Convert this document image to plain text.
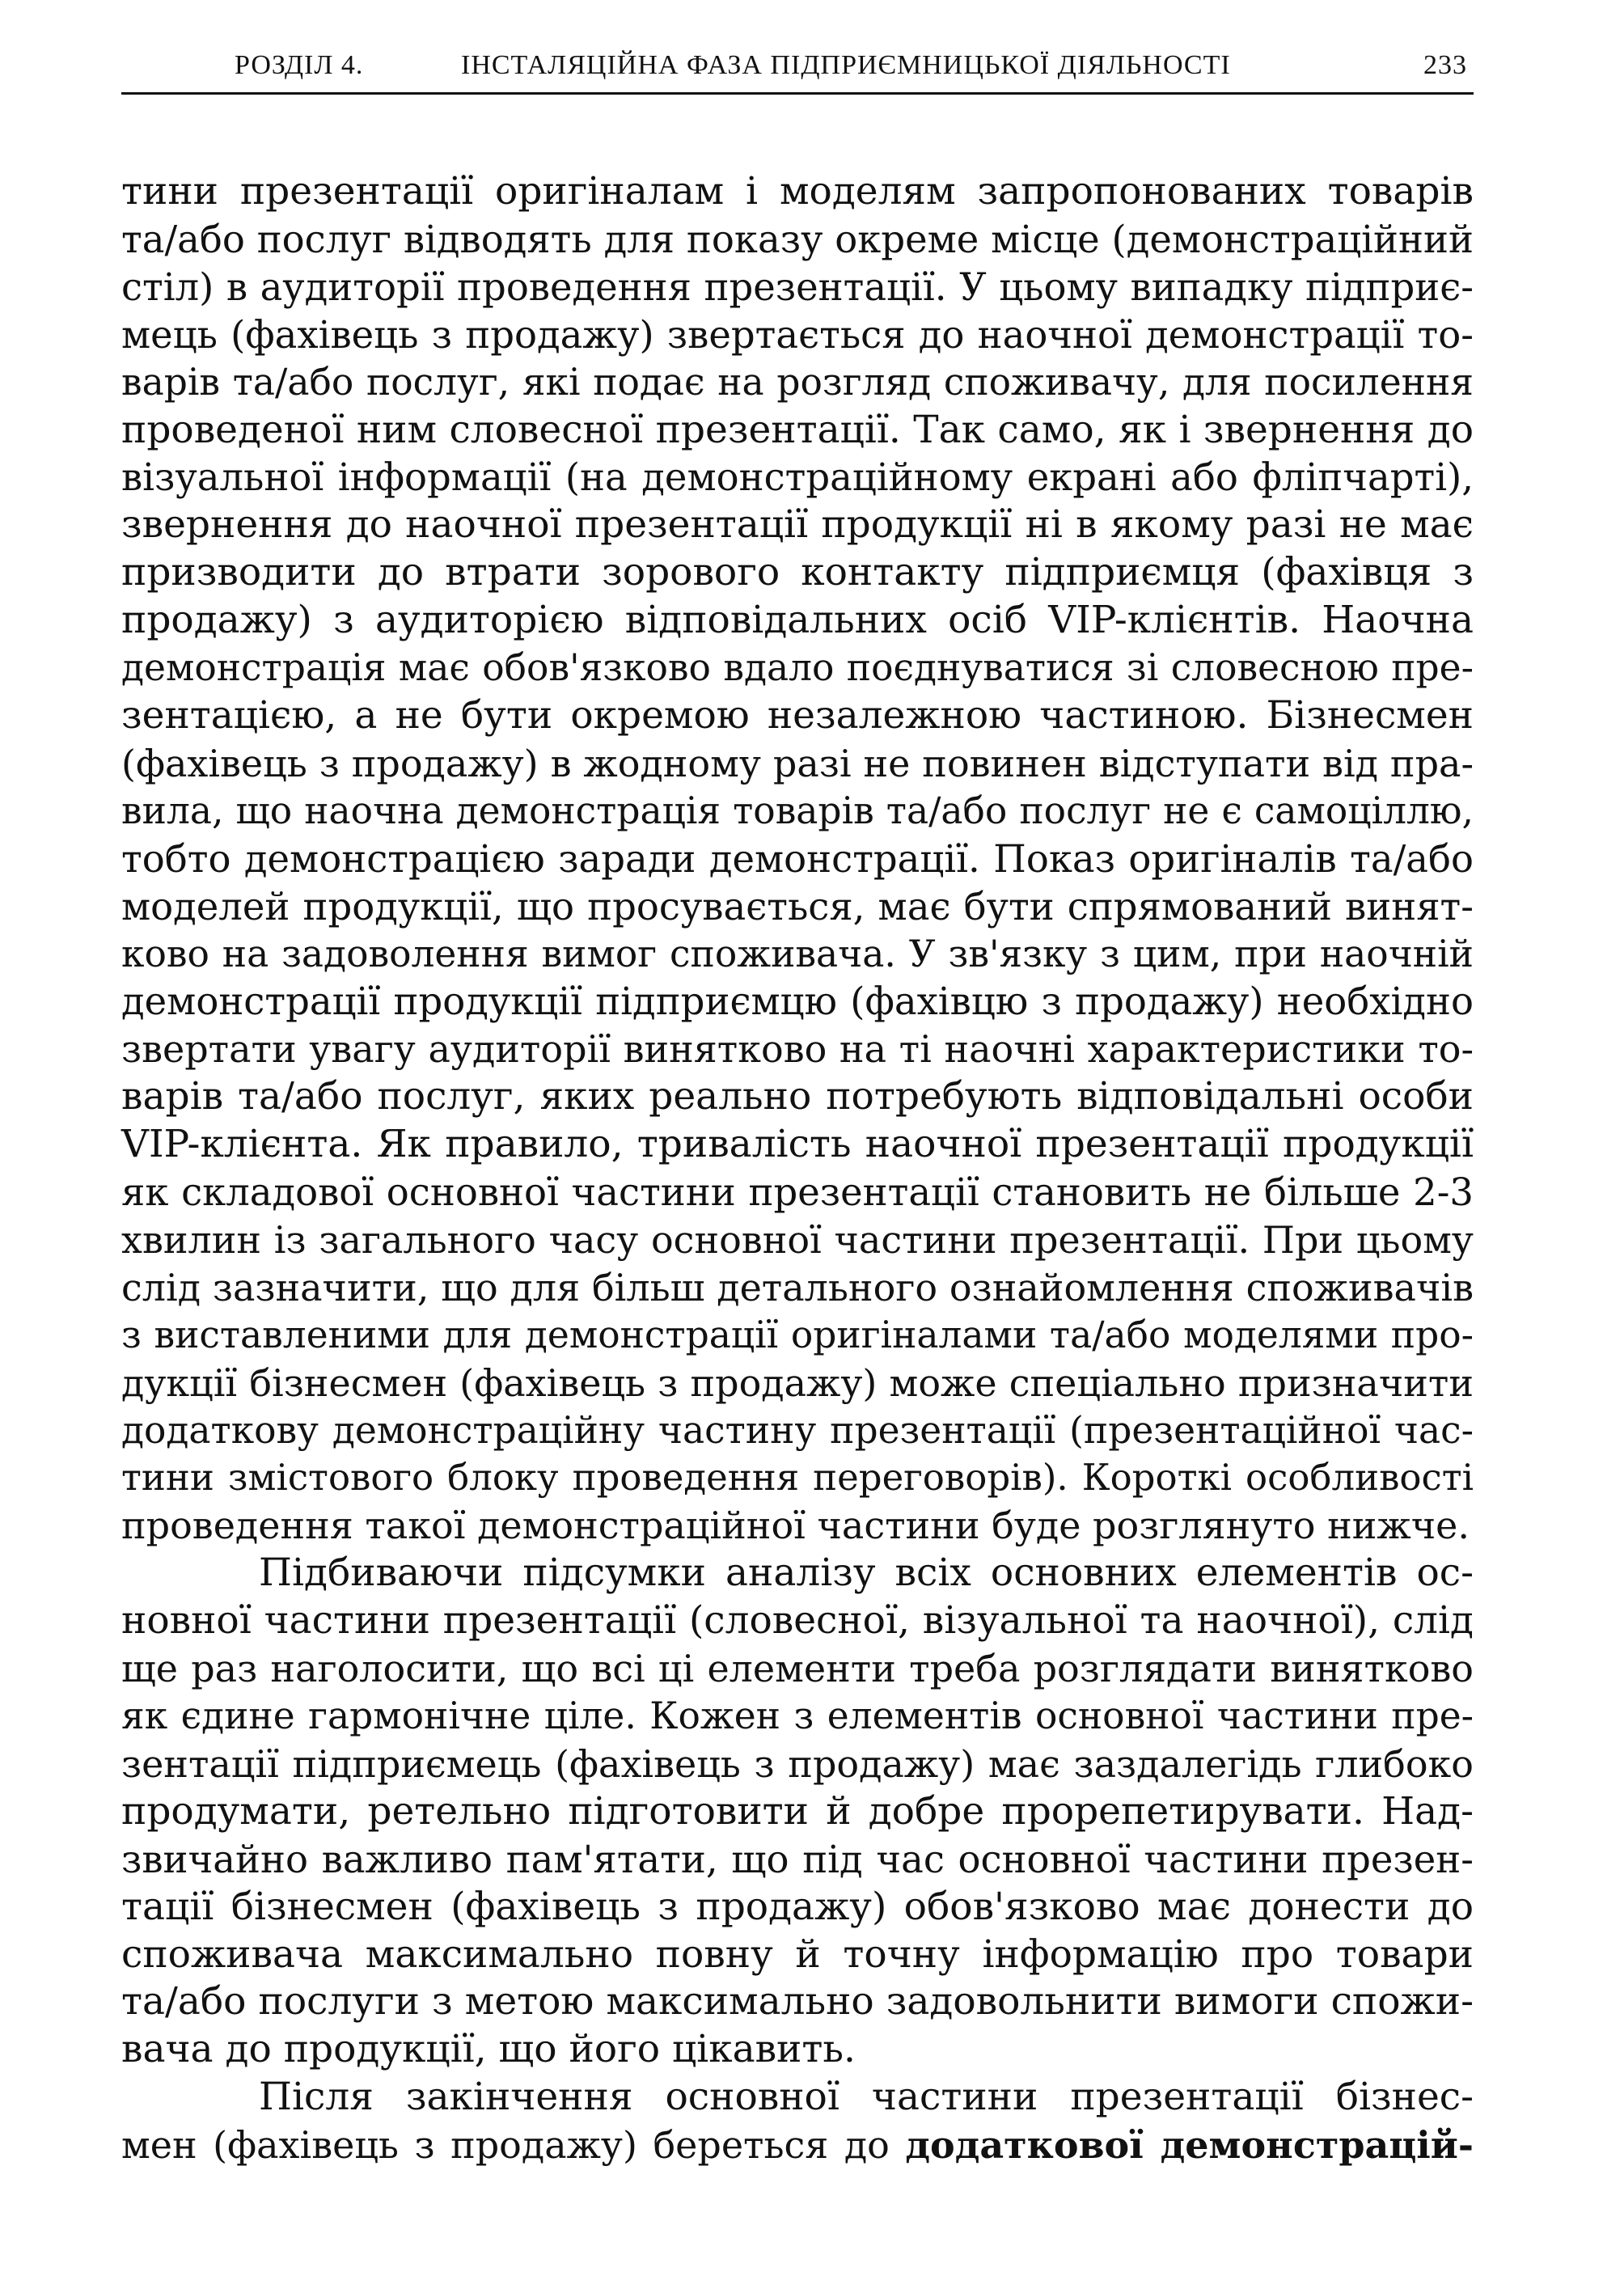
РОЗДІЛ 4.	ІНСТАЛЯЦІЙНА ФАЗА ПІДПРИЄМНИЦЬКОЇ ДІЯЛЬНОСТІ	233

тини презентації оригіналам і моделям запропонованих товарів

та/або послуг відводять для показу окреме місце (демонстраційний

стіл) в аудиторії проведення презентації. У цьому випадку підприє-

мець (фахівець з продажу) звертається до наочної демонстрації то-

варів та/або послуг, які подає на розгляд споживачу, для посилення

проведеної ним словесної презентації. Так само, як і звернення до

візуальної інформації (на демонстраційному екрані або фліпчарті),

звернення до наочної презентації продукції ні в якому разі не має

призводити до втрати зорового контакту підприємця (фахівця з

продажу) з аудиторією відповідальних осіб VIP-клієнтів. Наочна

демонстрація має обов'язково вдало поєднуватися зі словесною пре-

зентацією, а не бути окремою незалежною частиною. Бізнесмен

(фахівець з продажу) в жодному разі не повинен відступати від пра-

вила, що наочна демонстрація товарів та/або послуг не є самоціллю,

тобто демонстрацією заради демонстрації. Показ оригіналів та/або

моделей продукції, що просувається, має бути спрямований винят-

ково на задоволення вимог споживача. У зв'язку з цим, при наочній

демонстрації продукції підприємцю (фахівцю з продажу) необхідно

звертати увагу аудиторії винятково на ті наочні характеристики то-

варів та/або послуг, яких реально потребують відповідальні особи

VIP-клієнта. Як правило, тривалість наочної презентації продукції

як складової основної частини презентації становить не більше 2-3

хвилин із загального часу основної частини презентації. При цьому

слід зазначити, що для більш детального ознайомлення споживачів

з виставленими для демонстрації оригіналами та/або моделями про-

дукції бізнесмен (фахівець з продажу) може спеціально призначити

додаткову демонстраційну частину презентації (презентаційної час-

тини змістового блоку проведення переговорів). Короткі особливості

проведення такої демонстраційної частини буде розглянуто нижче.

Підбиваючи підсумки аналізу всіх основних елементів ос-

новної частини презентації (словесної, візуальної та наочної), слід

ще раз наголосити, що всі ці елементи треба розглядати винятково

як єдине гармонічне ціле. Кожен з елементів основної частини пре-

зентації підприємець (фахівець з продажу) має заздалегідь глибоко

продумати, ретельно підготовити й добре прорепетирувати. Над-

звичайно важливо пам'ятати, що під час основної частини презен-

тації бізнесмен (фахівець з продажу) обов'язково має донести до

споживача максимально повну й точну інформацію про товари

та/або послуги з метою максимально задовольнити вимоги спожи-

вача до продукції, що його цікавить.

Після закінчення основної частини презентації бізнес-

мен (фахівець з продажу) береться до додаткової демонстрацій-
